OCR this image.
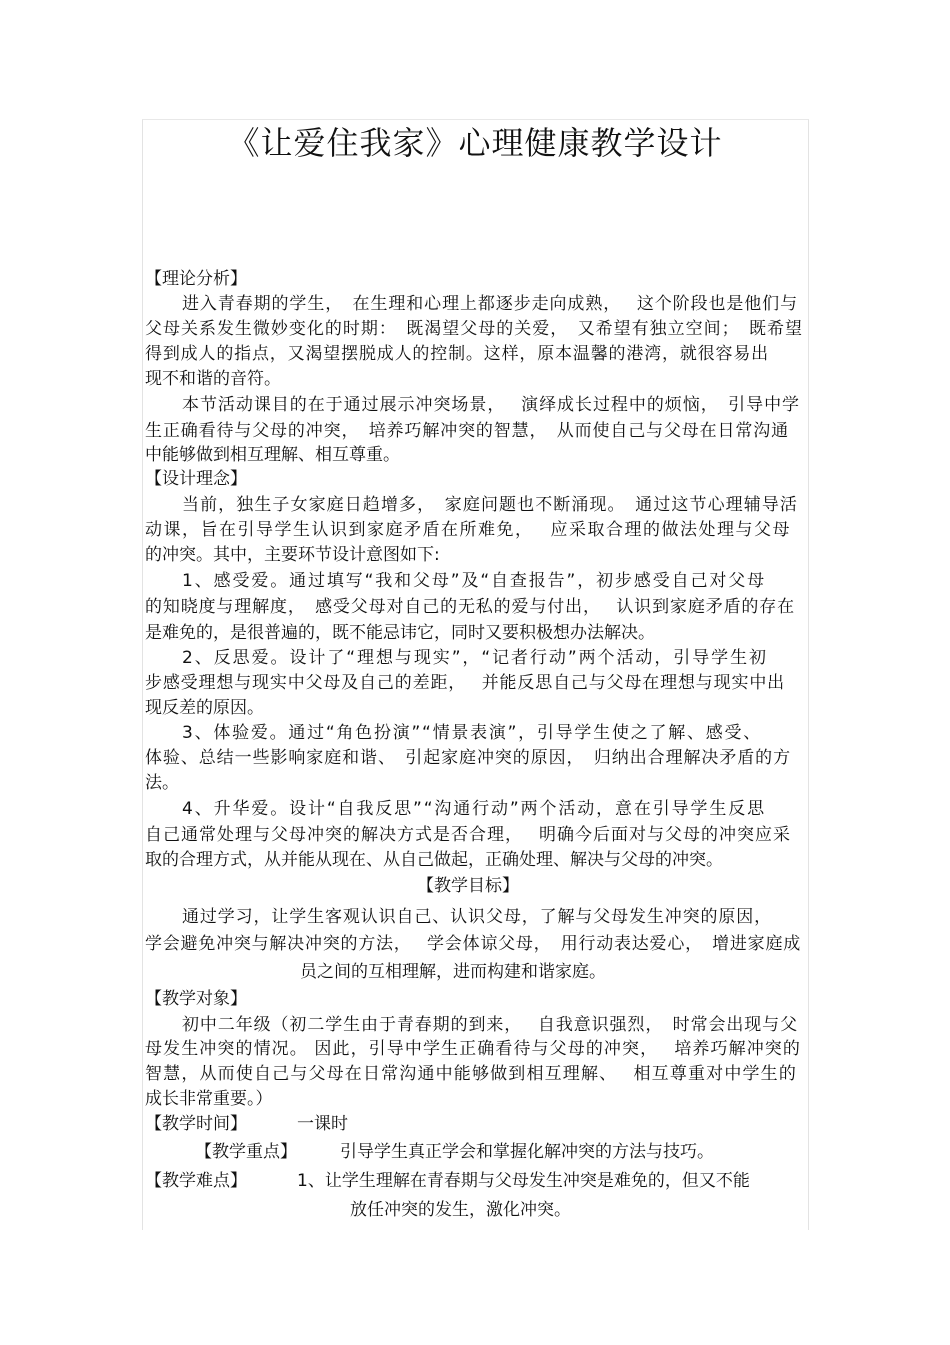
《让爱住我家》心理健康教学设计
【理论分析】
进入青春期的学生，　在生理和心理上都逐步走向成熟，　 这个阶段也是他们与
父母关系发生微妙变化的时期：　既渴望父母的关爱，　又希望有独立空间；　既希望
得到成人的指点，又渴望摆脱成人的控制。这样，原本温馨的港湾，就很容易出
现不和谐的音符。
本节活动课目的在于通过展示冲突场景，　 演绎成长过程中的烦恼，　引导中学
生正确看待与父母的冲突，　培养巧解冲突的智慧，　从而使自己与父母在日常沟通
中能够做到相互理解、相互尊重。
【设计理念】
当前，独生子女家庭日趋增多，　家庭问题也不断涌现。　通过这节心理辅导活
动课，旨在引导学生认识到家庭矛盾在所难免，　 应采取合理的做法处理与父母
的冲突。其中，主要环节设计意图如下:
1、感受爱。通过填写“我和父母”及“自查报告”，初步感受自己对父母
的知晓度与理解度，　感受父母对自己的无私的爱与付出，　 认识到家庭矛盾的存在
是难免的，是很普遍的，既不能忌讳它，同时又要积极想办法解决。
2、反思爱。设计了“理想与现实”，“记者行动”两个活动，引导学生初
步感受理想与现实中父母及自己的差距，　 并能反思自己与父母在理想与现实中出
现反差的原因。
3、体验爱。通过“角色扮演”“情景表演”，引导学生使之了解、感受、
体验、总结一些影响家庭和谐、　引起家庭冲突的原因，　归纳出合理解决矛盾的方
法。
4、升华爱。设计“自我反思”“沟通行动”两个活动，意在引导学生反思
自己通常处理与父母冲突的解决方式是否合理，　 明确今后面对与父母的冲突应采
取的合理方式，从并能从现在、从自己做起，正确处理、解决与父母的冲突。
【教学目标】
通过学习，让学生客观认识自己、认识父母，了解与父母发生冲突的原因，
学会避免冲突与解决冲突的方法，　 学会体谅父母，　用行动表达爱心，　增进家庭成
员之间的互相理解，进而构建和谐家庭。
【教学对象】
初中二年级（初二学生由于青春期的到来，　 自我意识强烈，　时常会出现与父
母发生冲突的情况。 因此，引导中学生正确看待与父母的冲突，　 培养巧解冲突的
智慧，从而使自己与父母在日常沟通中能够做到相互理解、　 相互尊重对中学生的
成长非常重要。）
【教学时间】	一课时
【教学重点】	引导学生真正学会和掌握化解冲突的方法与技巧。
【教学难点】	1、让学生理解在青春期与父母发生冲突是难免的，但又不能
放任冲突的发生，激化冲突。
